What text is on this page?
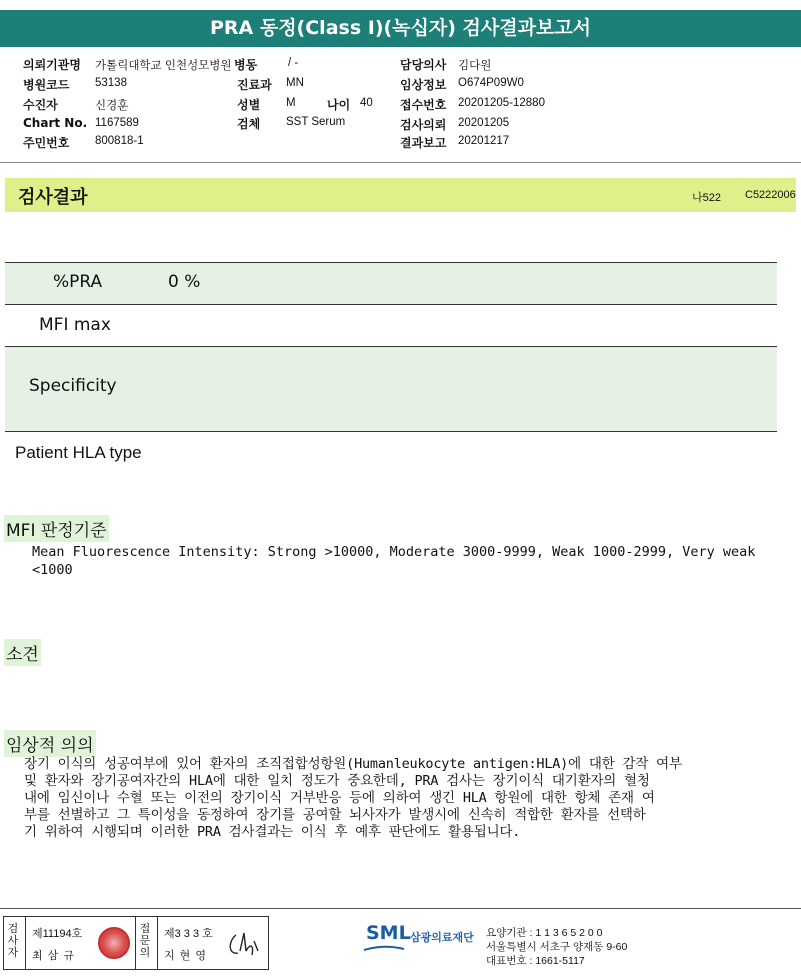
PRA 동정(Class I)(녹십자) 검사결과보고서
의뢰기관명 가톨릭대학교 인천성모병원 병동	/ -	담당의사 김다원
병원코드 53138	진료과 MN	임상정보 O674P09W0
수진자	신경훈	성별 M	나이 40 접수번호 20201205-12880
Chart No. 1167589	검체 SST Serum	검사의뢰 20201205
주민번호 800818-1	결과보고 20201217
검사결과	나522 C5222006
%PRA	0 %
MFI max
Specificity
Patient HLA type
MFI 판정기준
Mean Fluorescence Intensity: Strong >10000, Moderate 3000-9999, Weak 1000-2999, Very weak
<1000
소견
임상적 의의
장기 이식의 성공여부에 있어 환자의 조직접합성항원(Humanleukocyte antigen:HLA)에 대한 감작 여부
및 환자와 장기공여자간의 HLA에 대한 일치 정도가 중요한데, PRA 검사는 장기이식 대기환자의 혈청
내에 임신이나 수혈 또는 이전의 장기이식 거부반응 등에 의하여 생긴 HLA 항원에 대한 항체 존재 여
부를 선별하고 그 특이성을 동정하여 장기를 공여할 뇌사자가 발생시에 신속히 적합한 환자를 선택하
기 위하여 시행되며 이러한 PRA 검사결과는 이식 후 예후 판단에도 활용됩니다.
검사자
제11194호
최 삼 규
접문의
제3 3 3 호
지 현 영
SML 삼광의료재단 요양기관 : 1 1 3 6 5 2 0 0
서울특별시 서초구 양재동 9-60
대표번호 : 1661-5117
